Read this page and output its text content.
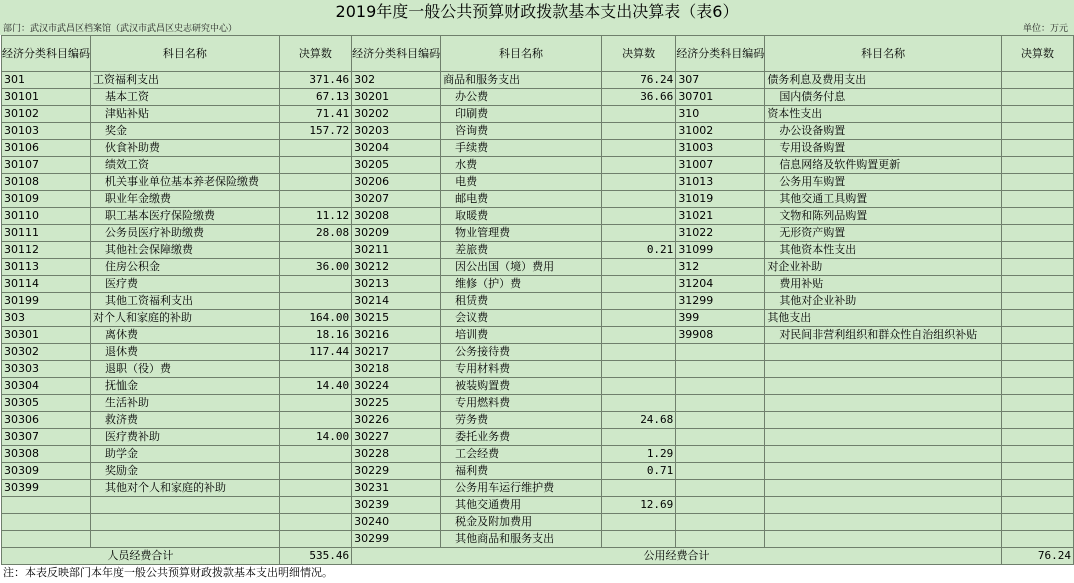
2019年度一般公共预算财政拨款基本支出决算表（表6）
部门：武汉市武昌区档案馆（武汉市武昌区史志研究中心）	单位：万元
经济分类科目编码	科目名称	决算数	经济分类科目编码	科目名称	决算数	经济分类科目编码	科目名称	决算数
301	工资福利支出	371.46	302	商品和服务支出	76.24	307	债务利息及费用支出	
30101	基本工资	67.13	30201	办公费	36.66	30701	国内债务付息	
30102	津贴补贴	71.41	30202	印刷费		310	资本性支出	
30103	奖金	157.72	30203	咨询费		31002	办公设备购置	
30106	伙食补助费		30204	手续费		31003	专用设备购置	
30107	绩效工资		30205	水费		31007	信息网络及软件购置更新	
30108	机关事业单位基本养老保险缴费		30206	电费		31013	公务用车购置	
30109	职业年金缴费		30207	邮电费		31019	其他交通工具购置	
30110	职工基本医疗保险缴费	11.12	30208	取暖费		31021	文物和陈列品购置	
30111	公务员医疗补助缴费	28.08	30209	物业管理费		31022	无形资产购置	
30112	其他社会保障缴费		30211	差旅费	0.21	31099	其他资本性支出	
30113	住房公积金	36.00	30212	因公出国（境）费用		312	对企业补助	
30114	医疗费		30213	维修（护）费		31204	费用补贴	
30199	其他工资福利支出		30214	租赁费		31299	其他对企业补助	
303	对个人和家庭的补助	164.00	30215	会议费		399	其他支出	
30301	离休费	18.16	30216	培训费		39908	对民间非营利组织和群众性自治组织补贴	
30302	退休费	117.44	30217	公务接待费				
30303	退职（役）费		30218	专用材料费				
30304	抚恤金	14.40	30224	被装购置费				
30305	生活补助		30225	专用燃料费				
30306	救济费		30226	劳务费	24.68			
30307	医疗费补助	14.00	30227	委托业务费				
30308	助学金		30228	工会经费	1.29			
30309	奖励金		30229	福利费	0.71			
30399	其他对个人和家庭的补助		30231	公务用车运行维护费				
			30239	其他交通费用	12.69			
			30240	税金及附加费用				
			30299	其他商品和服务支出				
人员经费合计		535.46	公用经费合计					76.24
注：本表反映部门本年度一般公共预算财政拨款基本支出明细情况。
